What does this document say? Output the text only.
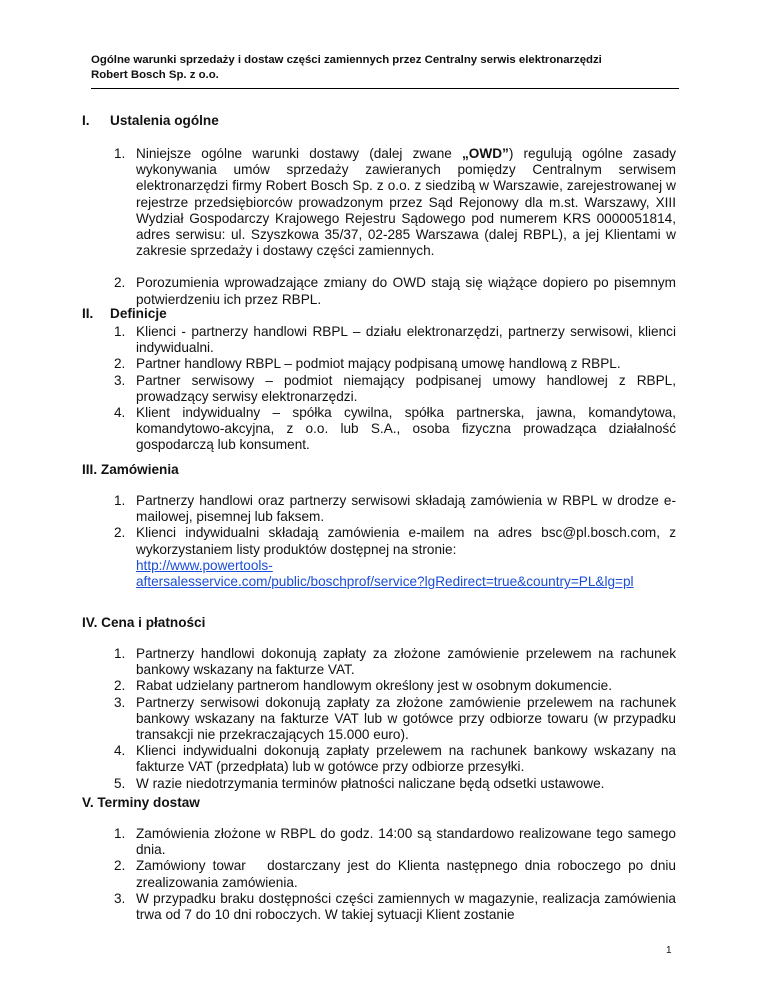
Ogólne warunki sprzedaży i dostaw części zamiennych przez Centralny serwis elektronarzędzi
Robert Bosch Sp. z o.o.
I. Ustalenia ogólne
1. Niniejsze ogólne warunki dostawy (dalej zwane „OWD”) regulują ogólne zasady wykonywania umów sprzedaży zawieranych pomiędzy Centralnym serwisem elektronarzędzi firmy Robert Bosch Sp. z o.o. z siedzibą w Warszawie, zarejestrowanej w rejestrze przedsiębiorców prowadzonym przez Sąd Rejonowy dla m.st. Warszawy, XIII Wydział Gospodarczy Krajowego Rejestru Sądowego pod numerem KRS 0000051814, adres serwisu: ul. Szyszkowa 35/37, 02-285 Warszawa (dalej RBPL), a jej Klientami w zakresie sprzedaży i dostawy części zamiennych.
2. Porozumienia wprowadzające zmiany do OWD stają się wiążące dopiero po pisemnym potwierdzeniu ich przez RBPL.
II. Definicje
1. Klienci - partnerzy handlowi RBPL – działu elektronarzędzi, partnerzy serwisowi, klienci indywidualni.
2. Partner handlowy RBPL – podmiot mający podpisaną umowę handlową z RBPL.
3. Partner serwisowy – podmiot niemający podpisanej umowy handlowej z RBPL, prowadzący serwisy elektronarzędzi.
4. Klient indywidualny – spółka cywilna, spółka partnerska, jawna, komandytowa, komandytowo-akcyjna, z o.o. lub S.A., osoba fizyczna prowadząca działalność gospodarczą lub konsument.
III. Zamówienia
1. Partnerzy handlowi oraz partnerzy serwisowi składają zamówienia w RBPL w drodze e-mailowej, pisemnej lub faksem.
2. Klienci indywidualni składają zamówienia e-mailem na adres bsc@pl.bosch.com, z wykorzystaniem listy produktów dostępnej na stronie:
http://www.powertools-
aftersalesservice.com/public/boschprof/service?lgRedirect=true&country=PL&lg=pl
IV. Cena i płatności
1. Partnerzy handlowi dokonują zapłaty za złożone zamówienie przelewem na rachunek bankowy wskazany na fakturze VAT.
2. Rabat udzielany partnerom handlowym określony jest w osobnym dokumencie.
3. Partnerzy serwisowi dokonują zapłaty za złożone zamówienie przelewem na rachunek bankowy wskazany na fakturze VAT lub w gotówce przy odbiorze towaru (w przypadku transakcji nie przekraczających 15.000 euro).
4. Klienci indywidualni dokonują zapłaty przelewem na rachunek bankowy wskazany na fakturze VAT (przedpłata) lub w gotówce przy odbiorze przesyłki.
5. W razie niedotrzymania terminów płatności naliczane będą odsetki ustawowe.
V. Terminy dostaw
1. Zamówienia złożone w RBPL do godz. 14:00 są standardowo realizowane tego samego dnia.
2. Zamówiony towar   dostarczany jest do Klienta następnego dnia roboczego po dniu zrealizowania zamówienia.
3. W przypadku braku dostępności części zamiennych w magazynie, realizacja zamówienia trwa od 7 do 10 dni roboczych. W takiej sytuacji Klient zostanie
1
